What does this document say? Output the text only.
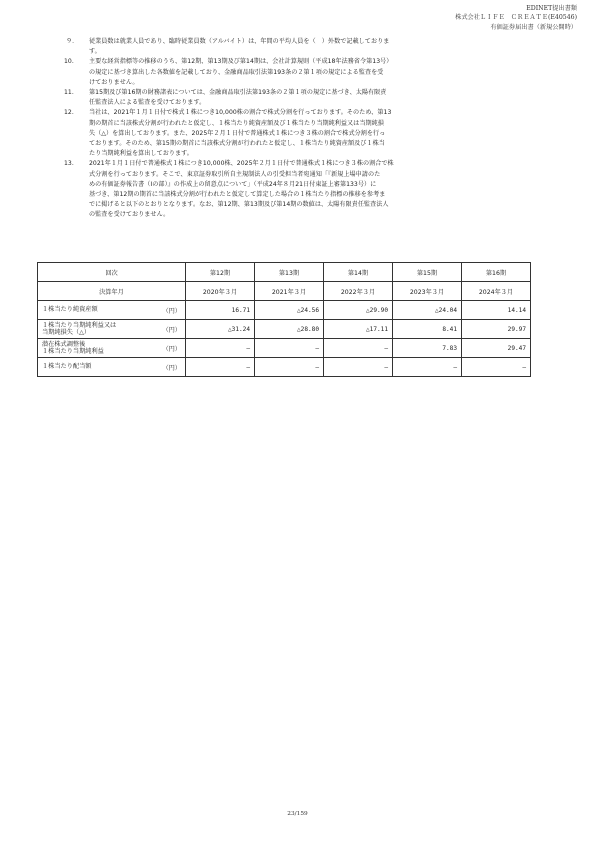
EDINET提出書類
株式会社ＬＩＦＥ　ＣＲＥＡＴＥ(E40546)
有価証券届出書（新規公開時）
９． 従業員数は就業人員であり、臨時従業員数（アルバイト）は、年間の平均人員を（　）外数で記載しておりま
す。
10. 主要な経営指標等の推移のうち、第12期、第13期及び第14期は、会社計算規則（平成18年法務省令第13号）
の規定に基づき算出した各数値を記載しており、金融商品取引法第193条の２第１項の規定による監査を受
けておりません。
11. 第15期及び第16期の財務諸表については、金融商品取引法第193条の２第１項の規定に基づき、太陽有限責
任監査法人による監査を受けております。
12. 当社は、2021年１月１日付で株式１株につき10,000株の割合で株式分割を行っております。そのため、第13
期の期首に当該株式分割が行われたと仮定し、１株当たり純資産額及び１株当たり当期純利益又は当期純損
失（△）を算出しております。また、2025年２月１日付で普通株式１株につき３株の割合で株式分割を行っ
ております。そのため、第15期の期首に当該株式分割が行われたと仮定し、１株当たり純資産額及び１株当
たり当期純利益を算出しております。
13. 2021年１月１日付で普通株式１株につき10,000株、2025年２月１日付で普通株式１株につき３株の割合で株
式分割を行っております。そこで、東京証券取引所自主規制法人の引受担当者宛通知「『新規上場申請のた
めの有価証券報告書（Ⅰの部）』の作成上の留意点について」（平成24年８月21日付東証上審第133号）に
基づき、第12期の期首に当該株式分割が行われたと仮定して算定した場合の１株当たり指標の推移を参考ま
でに掲げると以下のとおりとなります。なお、第12期、第13期及び第14期の数値は、太陽有限責任監査法人
の監査を受けておりません。
回次		第12期	第13期	第14期	第15期	第16期
決算年月		2020年３月	2021年３月	2022年３月	2023年３月	2024年３月

１株当たり純資産額	（円）	16.71	△24.56	△29.90	△24.04	14.14

１株当たり当期純利益又は
当期純損失（△）	（円）	△31.24	△28.80	△17.11	8.41	29.97

潜在株式調整後
１株当たり当期純利益	（円）	―	―	―	7.83	29.47

１株当たり配当額	（円）	―	―	―	―	―
23/159
